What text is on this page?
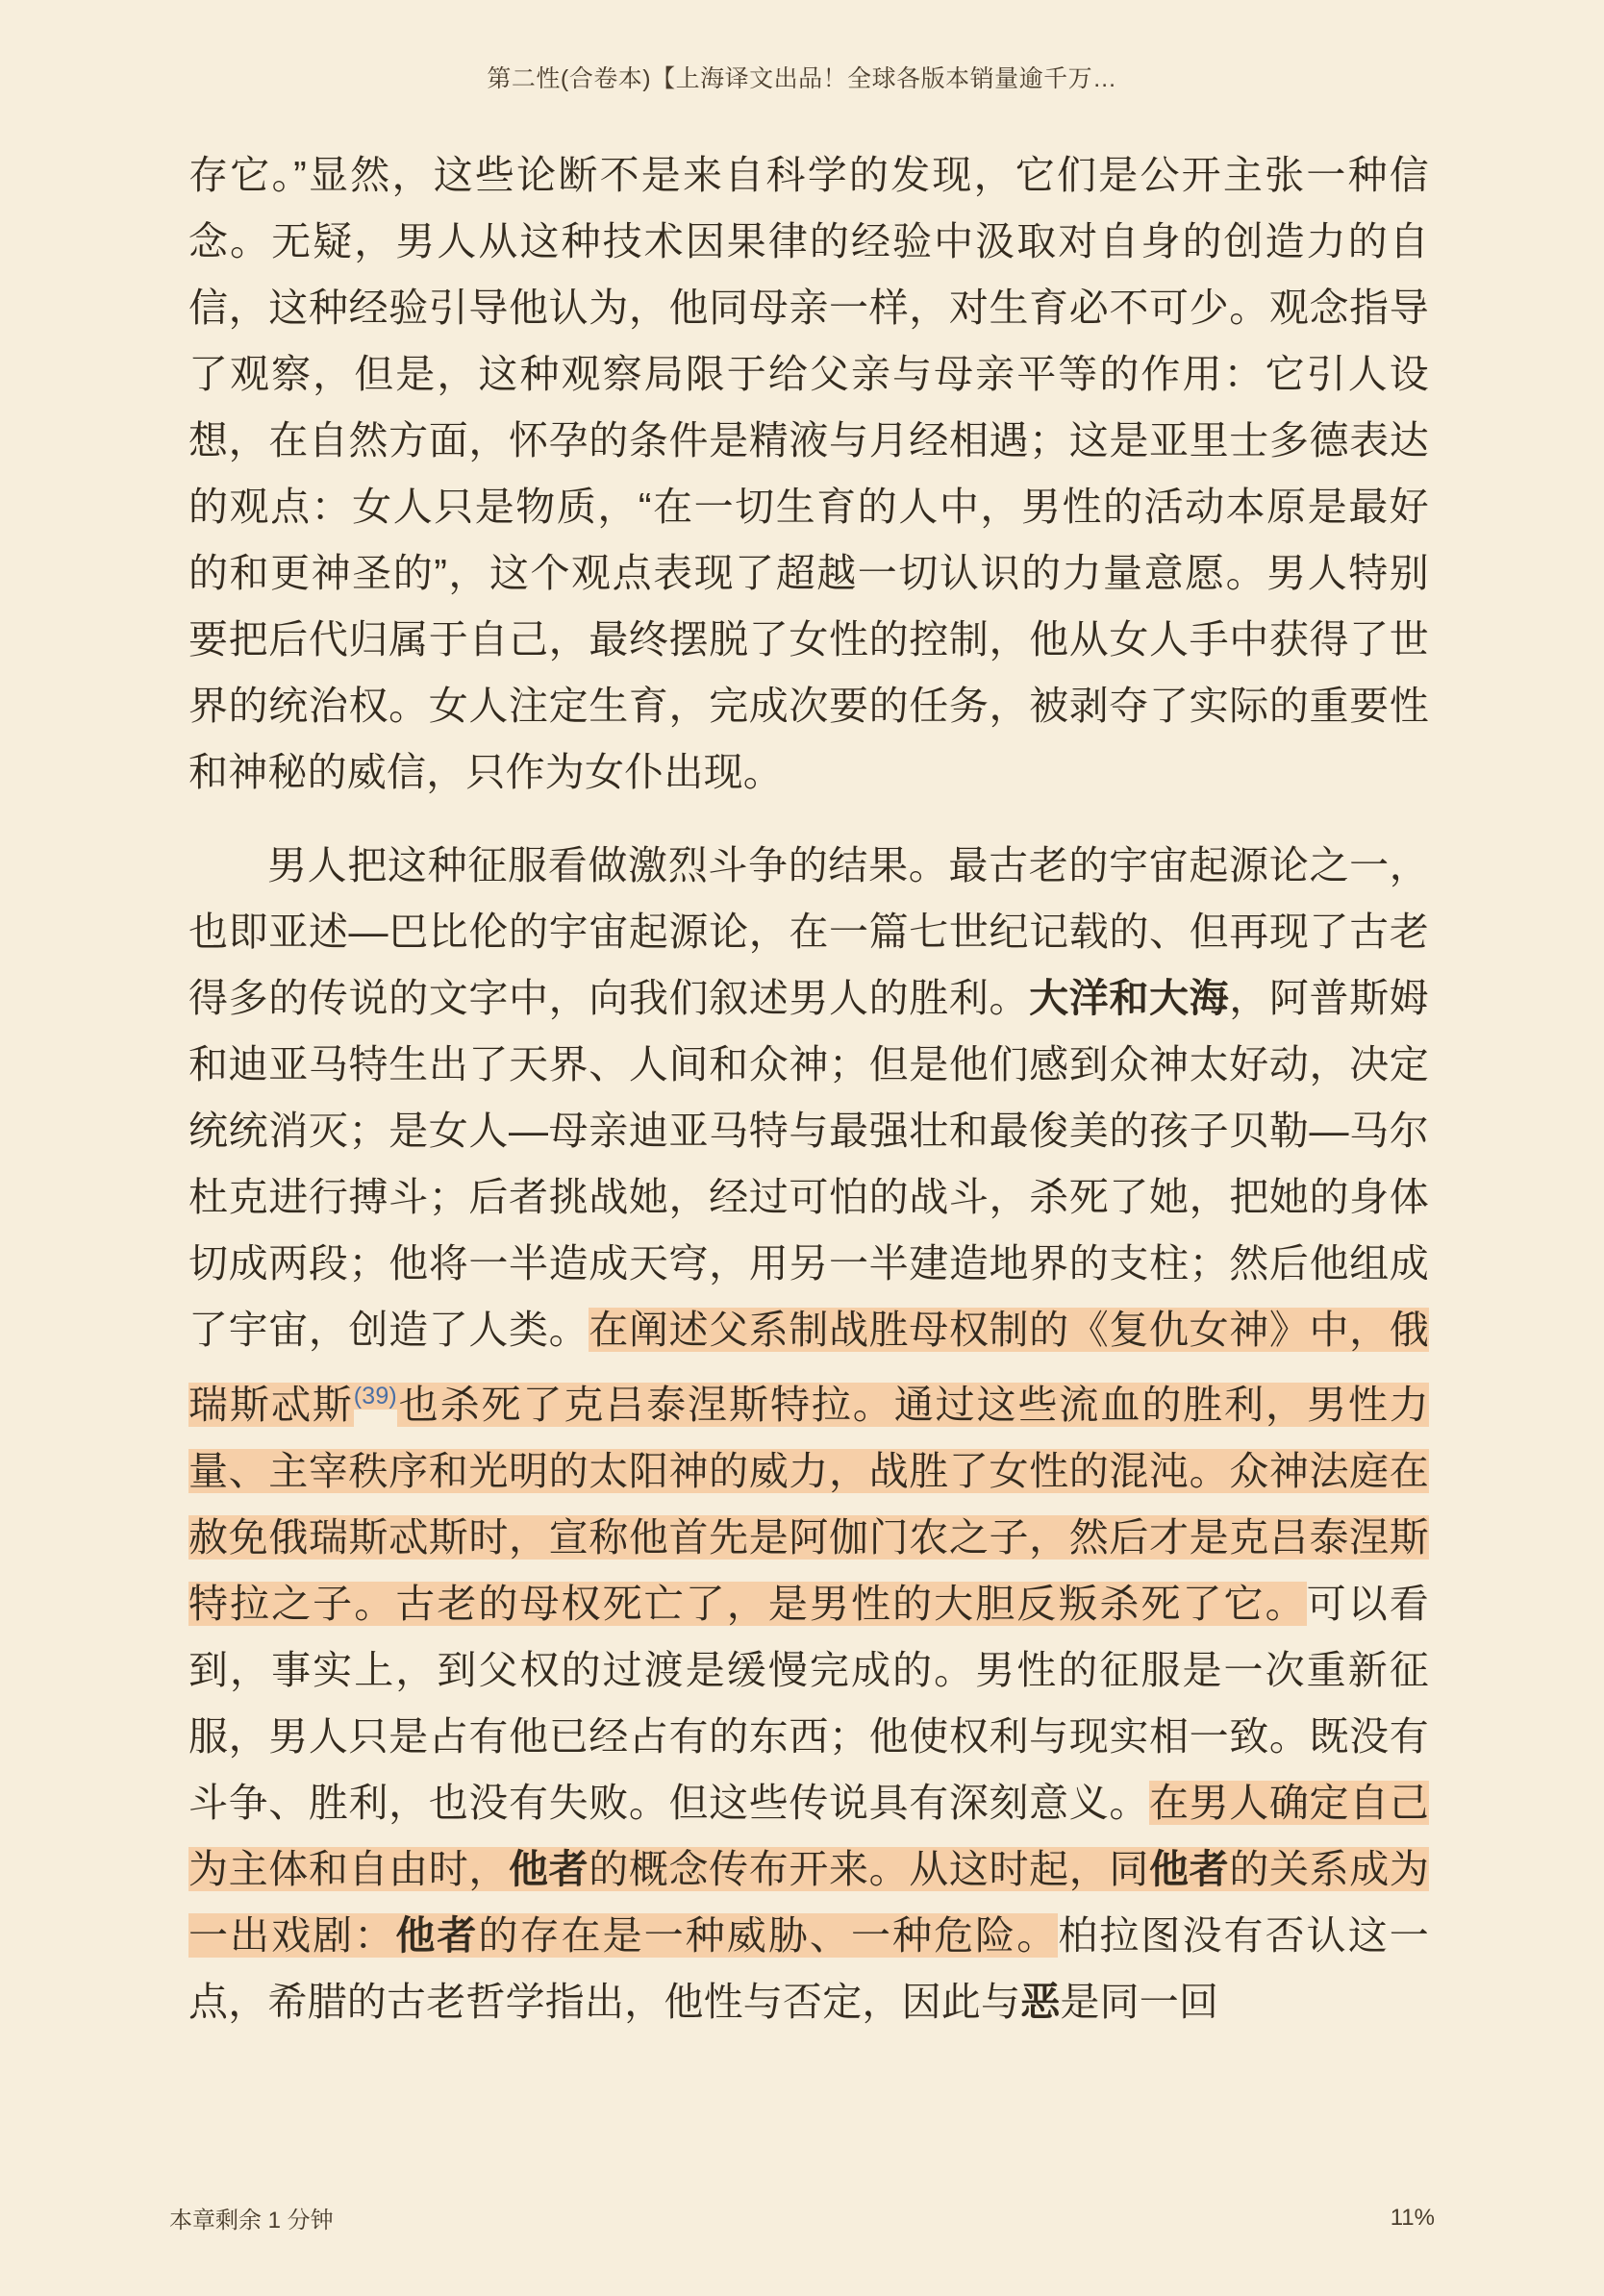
第二性(合卷本)【上海译文出品！全球各版本销量逾千万…

存它。”显然，这些论断不是来自科学的发现，它们是公开主张一种信念。无疑，男人从这种技术因果律的经验中汲取对自身的创造力的自信，这种经验引导他认为，他同母亲一样，对生育必不可少。观念指导了观察，但是，这种观察局限于给父亲与母亲平等的作用：它引人设想，在自然方面，怀孕的条件是精液与月经相遇；这是亚里士多德表达的观点：女人只是物质，“在一切生育的人中，男性的活动本原是最好的和更神圣的”，这个观点表现了超越一切认识的力量意愿。男人特别要把后代归属于自己，最终摆脱了女性的控制，他从女人手中获得了世界的统治权。女人注定生育，完成次要的任务，被剥夺了实际的重要性和神秘的威信，只作为女仆出现。

男人把这种征服看做激烈斗争的结果。最古老的宇宙起源论之一，也即亚述—巴比伦的宇宙起源论，在一篇七世纪记载的、但再现了古老得多的传说的文字中，向我们叙述男人的胜利。大洋和大海，阿普斯姆和迪亚马特生出了天界、人间和众神；但是他们感到众神太好动，决定统统消灭；是女人—母亲迪亚马特与最强壮和最俊美的孩子贝勒—马尔杜克进行搏斗；后者挑战她，经过可怕的战斗，杀死了她，把她的身体切成两段；他将一半造成天穹，用另一半建造地界的支柱；然后他组成了宇宙，创造了人类。在阐述父系制战胜母权制的《复仇女神》中，俄瑞斯忒斯$^{(39)}$也杀死了克吕泰涅斯特拉。通过这些流血的胜利，男性力量、主宰秩序和光明的太阳神的威力，战胜了女性的混沌。众神法庭在赦免俄瑞斯忒斯时，宣称他首先是阿伽门农之子，然后才是克吕泰涅斯特拉之子。古老的母权死亡了，是男性的大胆反叛杀死了它。可以看到，事实上，到父权的过渡是缓慢完成的。男性的征服是一次重新征服，男人只是占有他已经占有的东西；他使权利与现实相一致。既没有斗争、胜利，也没有失败。但这些传说具有深刻意义。在男人确定自己为主体和自由时，他者的概念传布开来。从这时起，同他者的关系成为一出戏剧：他者的存在是一种威胁、一种危险。柏拉图没有否认这一点，希腊的古老哲学指出，他性与否定，因此与恶是同一回

本章剩余 1 分钟	11%
